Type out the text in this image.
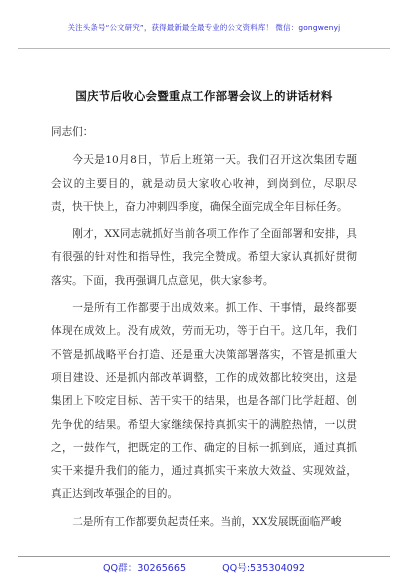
关注头条号“公文研究”，获得最新最全最专业的公文资料库！ 微信：gongwenyj
国庆节后收心会暨重点工作部署会议上的讲话材料

同志们：

今天是10月8日，节后上班第一天。我们召开这次集团专题会议的主要目的，就是动员大家收心收神，到岗到位，尽职尽责，快干快上，奋力冲刺四季度，确保全面完成全年目标任务。

刚才，XX同志就抓好当前各项工作作了全面部署和安排，具有很强的针对性和指导性，我完全赞成。希望大家认真抓好贯彻落实。下面，我再强调几点意见，供大家参考。

一是所有工作都要于出成效来。抓工作、干事情，最终都要体现在成效上。没有成效，劳而无功，等于白干。这几年，我们不管是抓战略平台打造、还是重大决策部署落实，不管是抓重大项目建设、还是抓内部改革调整，工作的成效都比较突出，这是集团上下咬定目标、苦干实干的结果，也是各部门比学赶超、创先争优的结果。希望大家继续保持真抓实干的满腔热情，一以贯之，一鼓作气，把既定的工作、确定的目标一抓到底，通过真抓实干来提升我们的能力，通过真抓实干来放大效益、实现效益，真正达到改革强企的目的。

二是所有工作都要负起责任来。当前，XX发展既面临严峻

QQ群：30265665	QQ号:535304092
